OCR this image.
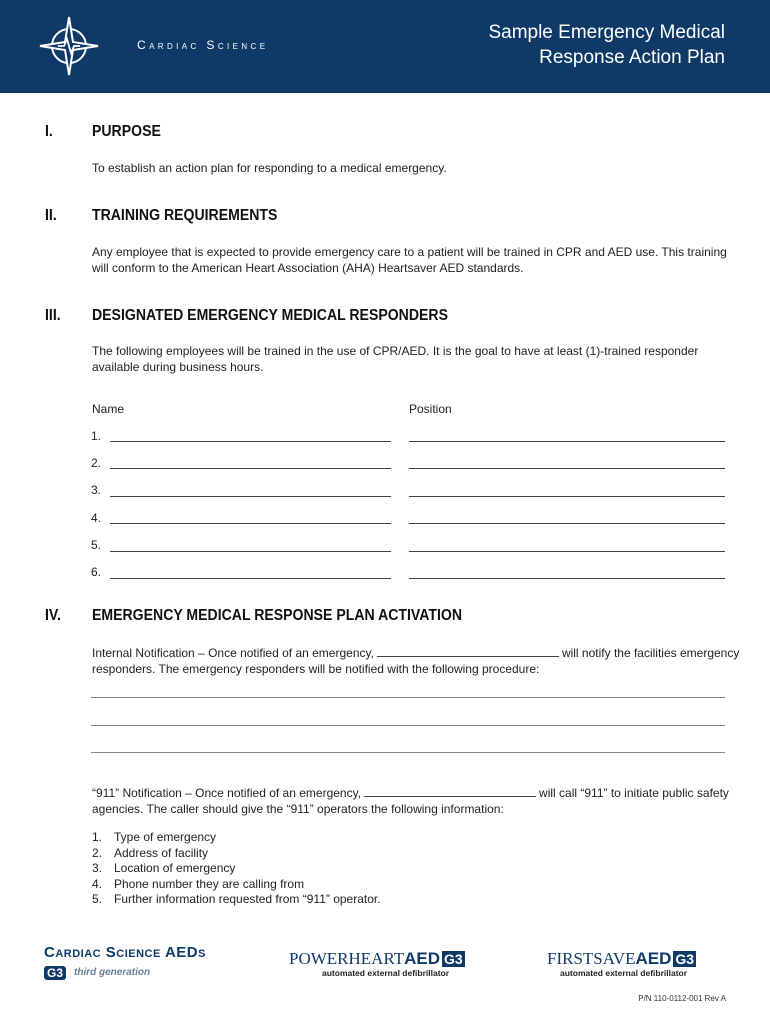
Cardiac Science
Sample Emergency Medical
Response Action Plan
I. PURPOSE
To establish an action plan for responding to a medical emergency.
II. TRAINING REQUIREMENTS
Any employee that is expected to provide emergency care to a patient will be trained in CPR and AED use. This training will conform to the American Heart Association (AHA) Heartsaver AED standards.
III. DESIGNATED EMERGENCY MEDICAL RESPONDERS
The following employees will be trained in the use of CPR/AED. It is the goal to have at least (1)-trained responder available during business hours.
Name	Position
1.
2.
3.
4.
5.
6.
IV. EMERGENCY MEDICAL RESPONSE PLAN ACTIVATION
Internal Notification – Once notified of an emergency,	will notify the facilities emergency
responders. The emergency responders will be notified with the following procedure:
“911” Notification – Once notified of an emergency,	will call “911” to initiate public safety
agencies. The caller should give the “911” operators the following information:
1. Type of emergency
2. Address of facility
3. Location of emergency
4. Phone number they are calling from
5. Further information requested from “911” operator.
Cardiac Science AEDs
G3	third generation
POWERHEARTAED G3
automated external defibrillator
FIRSTSAVEAED G3
automated external defibrillator
P/N 110-0112-001 Rev A
